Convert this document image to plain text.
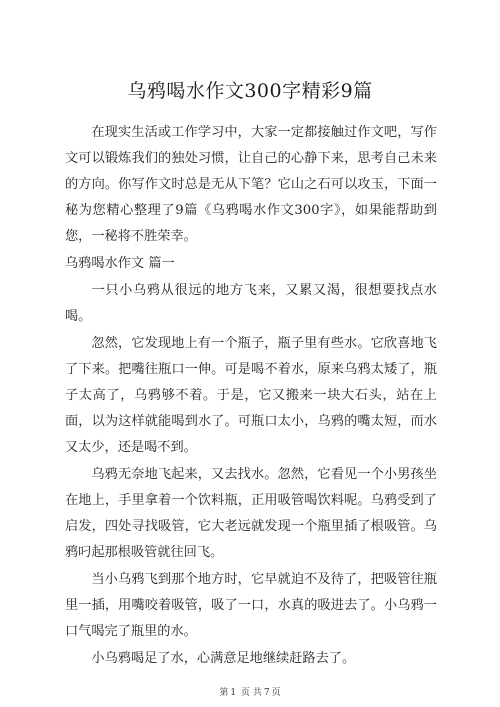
乌鸦喝水作文300字精彩9篇

在现实生活或工作学习中，大家一定都接触过作文吧，写作文可以锻炼我们的独处习惯，让自己的心静下来，思考自己未来的方向。你写作文时总是无从下笔？它山之石可以攻玉，下面一秘为您精心整理了9篇《乌鸦喝水作文300字》，如果能帮助到您，一秘将不胜荣幸。

乌鸦喝水作文 篇一

一只小乌鸦从很远的地方飞来，又累又渴，很想要找点水喝。

忽然，它发现地上有一个瓶子，瓶子里有些水。它欣喜地飞了下来。把嘴往瓶口一伸。可是喝不着水，原来乌鸦太矮了，瓶子太高了，乌鸦够不着。于是，它又搬来一块大石头，站在上面，以为这样就能喝到水了。可瓶口太小，乌鸦的嘴太短，而水又太少，还是喝不到。

乌鸦无奈地飞起来，又去找水。忽然，它看见一个小男孩坐在地上，手里拿着一个饮料瓶，正用吸管喝饮料呢。乌鸦受到了启发，四处寻找吸管，它大老远就发现一个瓶里插了根吸管。乌鸦叼起那根吸管就往回飞。

当小乌鸦飞到那个地方时，它早就迫不及待了，把吸管往瓶里一插，用嘴咬着吸管，吸了一口，水真的吸进去了。小乌鸦一口气喝完了瓶里的水。

小乌鸦喝足了水，心满意足地继续赶路去了。

第 1 页 共 7 页
